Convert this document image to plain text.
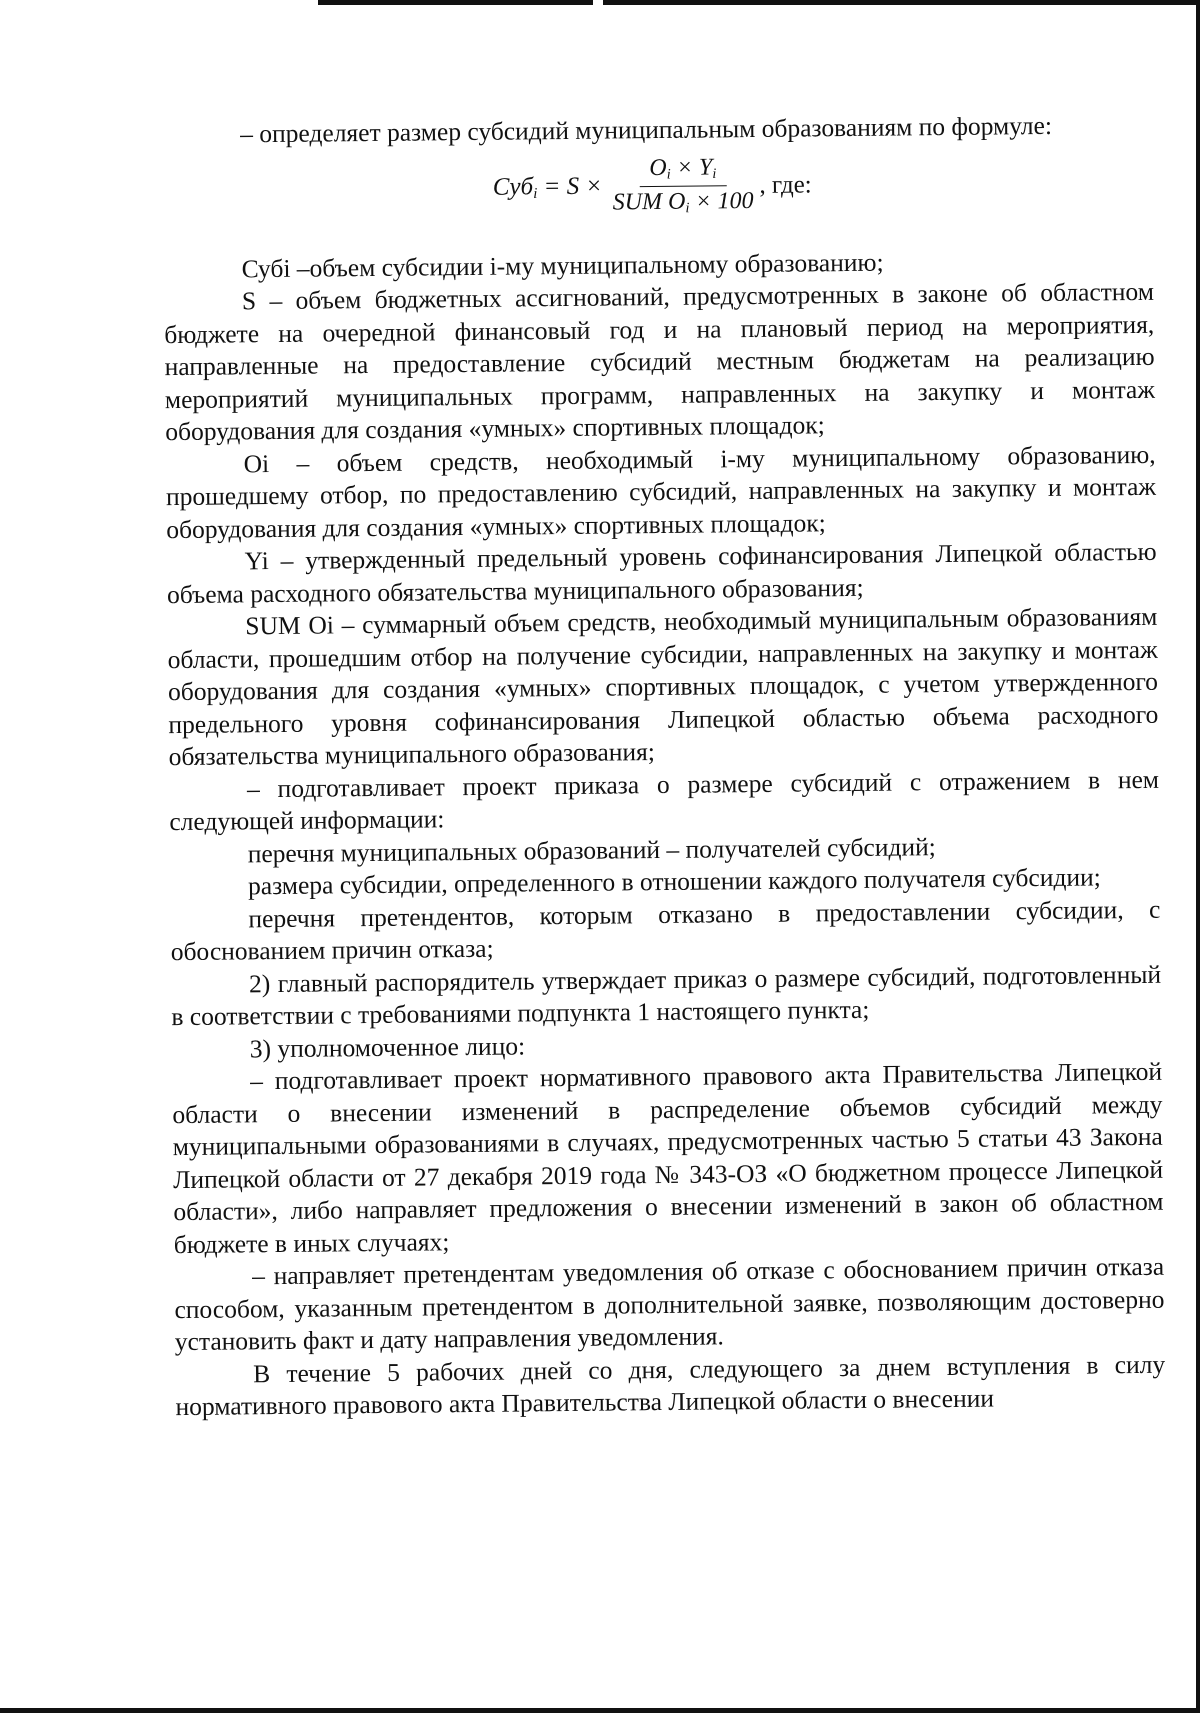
– определяет размер субсидий муниципальным образованиям по формуле:

$Суб_i = S \times \frac{O_i \times Y_i}{SUM O_i \times 100}$ , где:

Субi –объем субсидии i-му муниципальному образованию;

S – объем бюджетных ассигнований, предусмотренных в законе об областном бюджете на очередной финансовый год и на плановый период на мероприятия, направленные на предоставление субсидий местным бюджетам на реализацию мероприятий муниципальных программ, направленных на закупку и монтаж оборудования для создания «умных» спортивных площадок;

Oi – объем средств, необходимый i-му муниципальному образованию, прошедшему отбор, по предоставлению субсидий, направленных на закупку и монтаж оборудования для создания «умных» спортивных площадок;

Yi – утвержденный предельный уровень софинансирования Липецкой областью объема расходного обязательства муниципального образования;

SUM Oi – суммарный объем средств, необходимый муниципальным образованиям области, прошедшим отбор на получение субсидии, направленных на закупку и монтаж оборудования для создания «умных» спортивных площадок, с учетом утвержденного предельного уровня софинансирования Липецкой областью объема расходного обязательства муниципального образования;

– подготавливает проект приказа о размере субсидий с отражением в нем следующей информации:

перечня муниципальных образований – получателей субсидий;

размера субсидии, определенного в отношении каждого получателя субсидии;

перечня претендентов, которым отказано в предоставлении субсидии, с обоснованием причин отказа;

2) главный распорядитель утверждает приказ о размере субсидий, подготовленный в соответствии с требованиями подпункта 1 настоящего пункта;

3) уполномоченное лицо:

– подготавливает проект нормативного правового акта Правительства Липецкой области о внесении изменений в распределение объемов субсидий между муниципальными образованиями в случаях, предусмотренных частью 5 статьи 43 Закона Липецкой области от 27 декабря 2019 года № 343-ОЗ «О бюджетном процессе Липецкой области», либо направляет предложения о внесении изменений в закон об областном бюджете в иных случаях;

– направляет претендентам уведомления об отказе с обоснованием причин отказа способом, указанным претендентом в дополнительной заявке, позволяющим достоверно установить факт и дату направления уведомления.

В течение 5 рабочих дней со дня, следующего за днем вступления в силу нормативного правового акта Правительства Липецкой области о внесении
